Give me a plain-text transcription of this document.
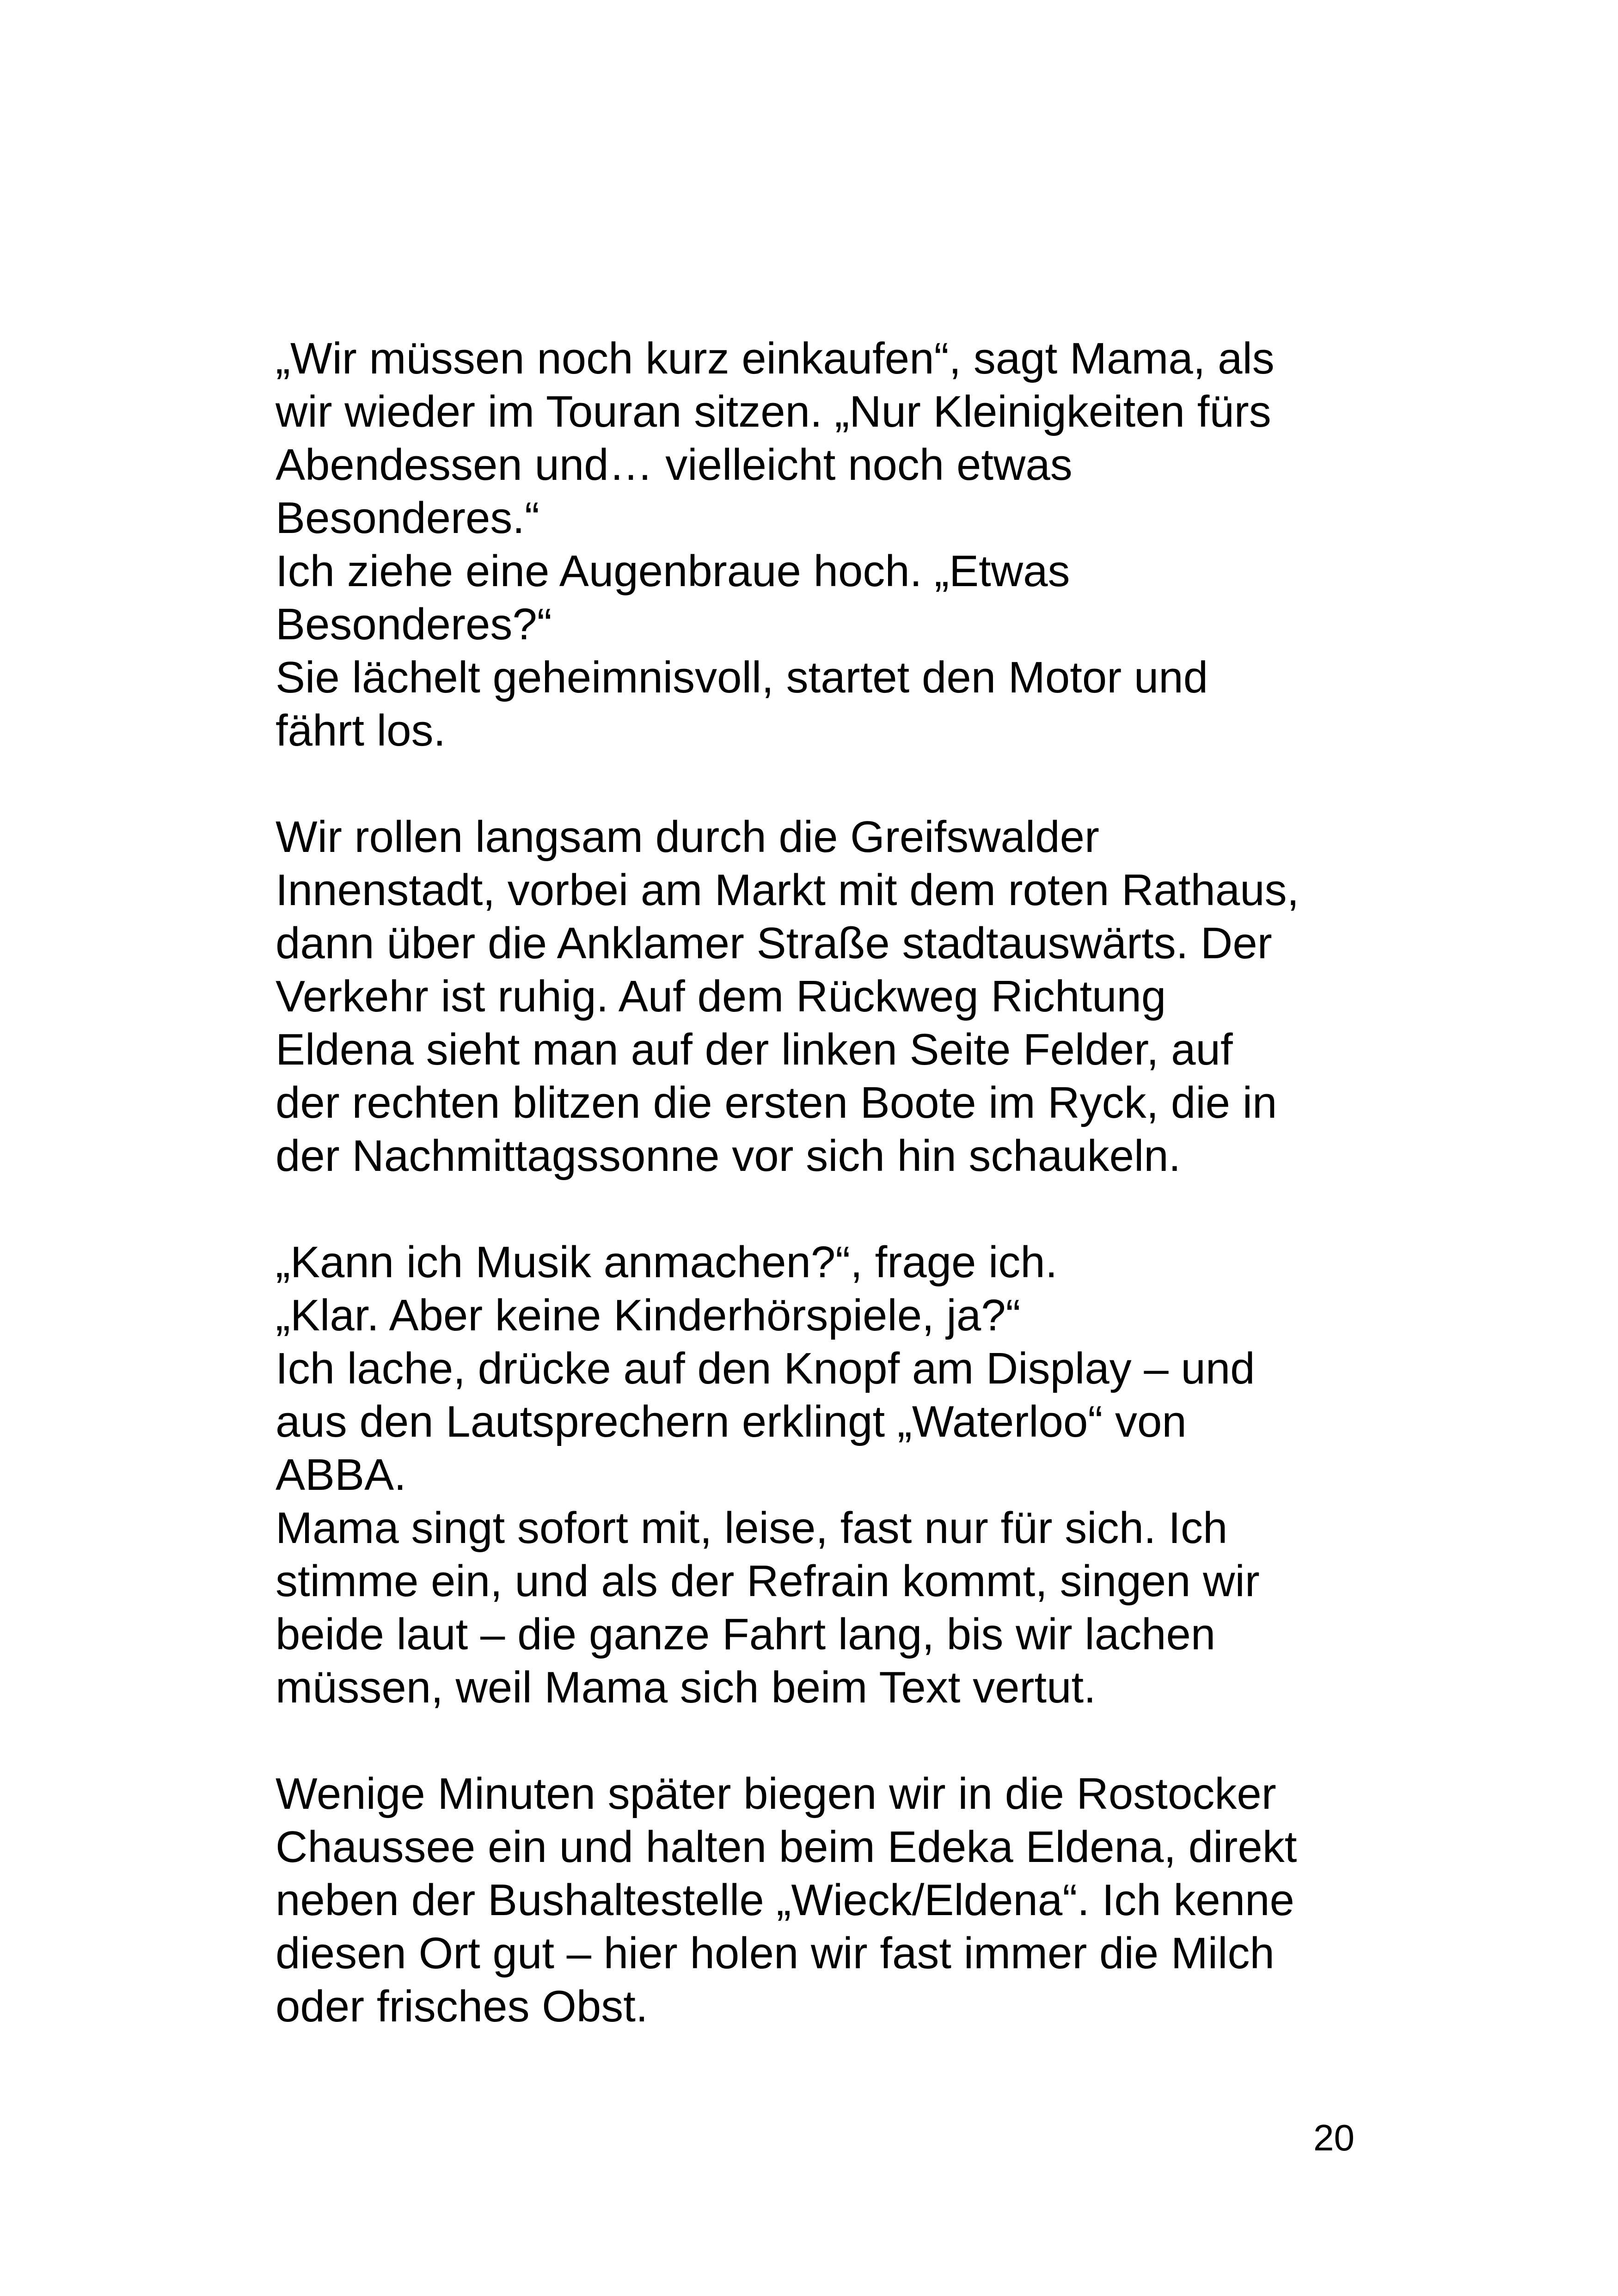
„Wir müssen noch kurz einkaufen“, sagt Mama, als
wir wieder im Touran sitzen. „Nur Kleinigkeiten fürs
Abendessen und… vielleicht noch etwas
Besonderes.“
Ich ziehe eine Augenbraue hoch. „Etwas
Besonderes?“
Sie lächelt geheimnisvoll, startet den Motor und
fährt los.

Wir rollen langsam durch die Greifswalder
Innenstadt, vorbei am Markt mit dem roten Rathaus,
dann über die Anklamer Straße stadtauswärts. Der
Verkehr ist ruhig. Auf dem Rückweg Richtung
Eldena sieht man auf der linken Seite Felder, auf
der rechten blitzen die ersten Boote im Ryck, die in
der Nachmittagssonne vor sich hin schaukeln.

„Kann ich Musik anmachen?“, frage ich.
„Klar. Aber keine Kinderhörspiele, ja?“
Ich lache, drücke auf den Knopf am Display – und
aus den Lautsprechern erklingt „Waterloo“ von
ABBA.
Mama singt sofort mit, leise, fast nur für sich. Ich
stimme ein, und als der Refrain kommt, singen wir
beide laut – die ganze Fahrt lang, bis wir lachen
müssen, weil Mama sich beim Text vertut.

Wenige Minuten später biegen wir in die Rostocker
Chaussee ein und halten beim Edeka Eldena, direkt
neben der Bushaltestelle „Wieck/Eldena“. Ich kenne
diesen Ort gut – hier holen wir fast immer die Milch
oder frisches Obst.

20
